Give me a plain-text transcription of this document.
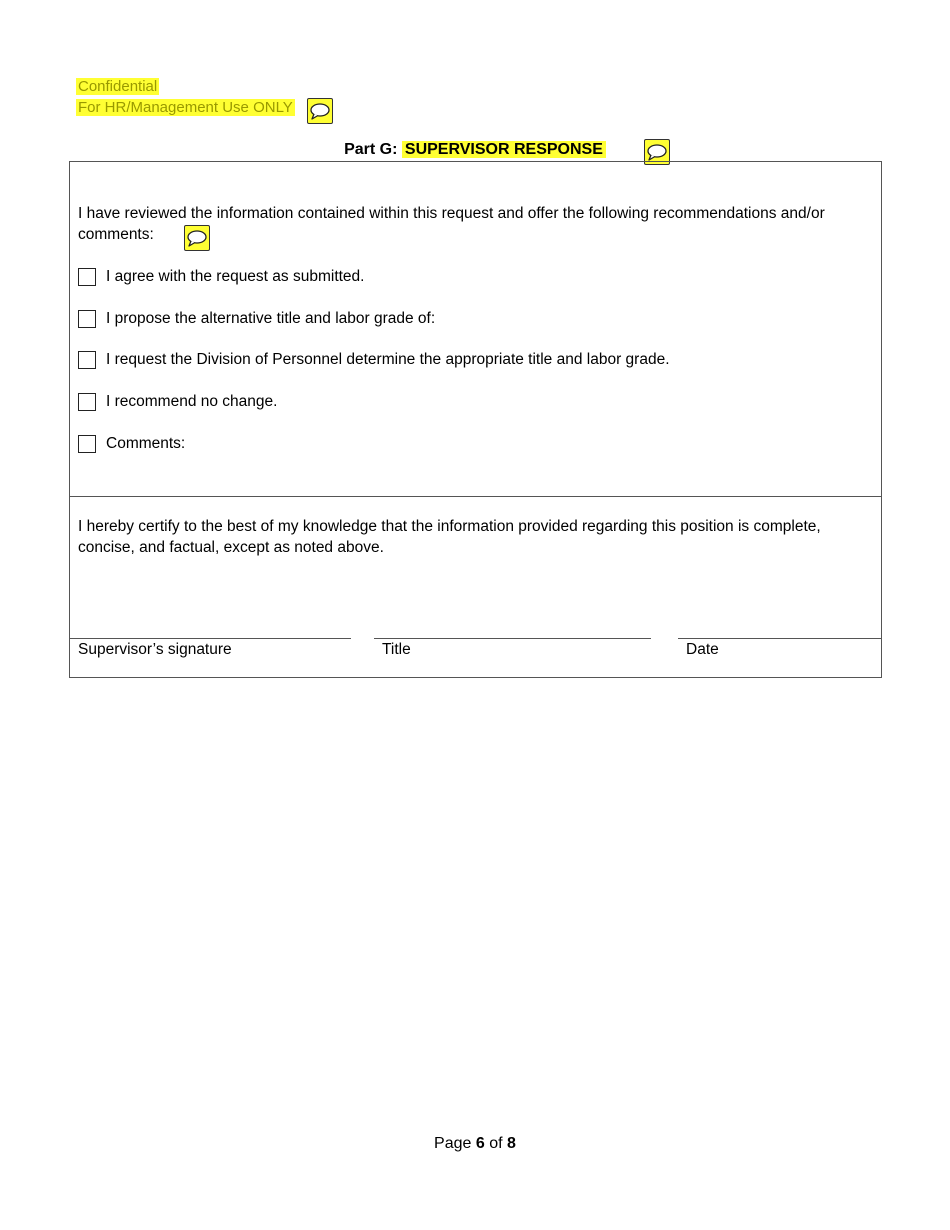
Confidential
For HR/Management Use ONLY
Part G: SUPERVISOR RESPONSE
I have reviewed the information contained within this request and offer the following recommendations and/or comments:
I agree with the request as submitted.
I propose the alternative title and labor grade of:
I request the Division of Personnel determine the appropriate title and labor grade.
I recommend no change.
Comments:
I hereby certify to the best of my knowledge that the information provided regarding this position is complete, concise, and factual, except as noted above.
Supervisor’s signature	Title	Date
Page 6 of 8
